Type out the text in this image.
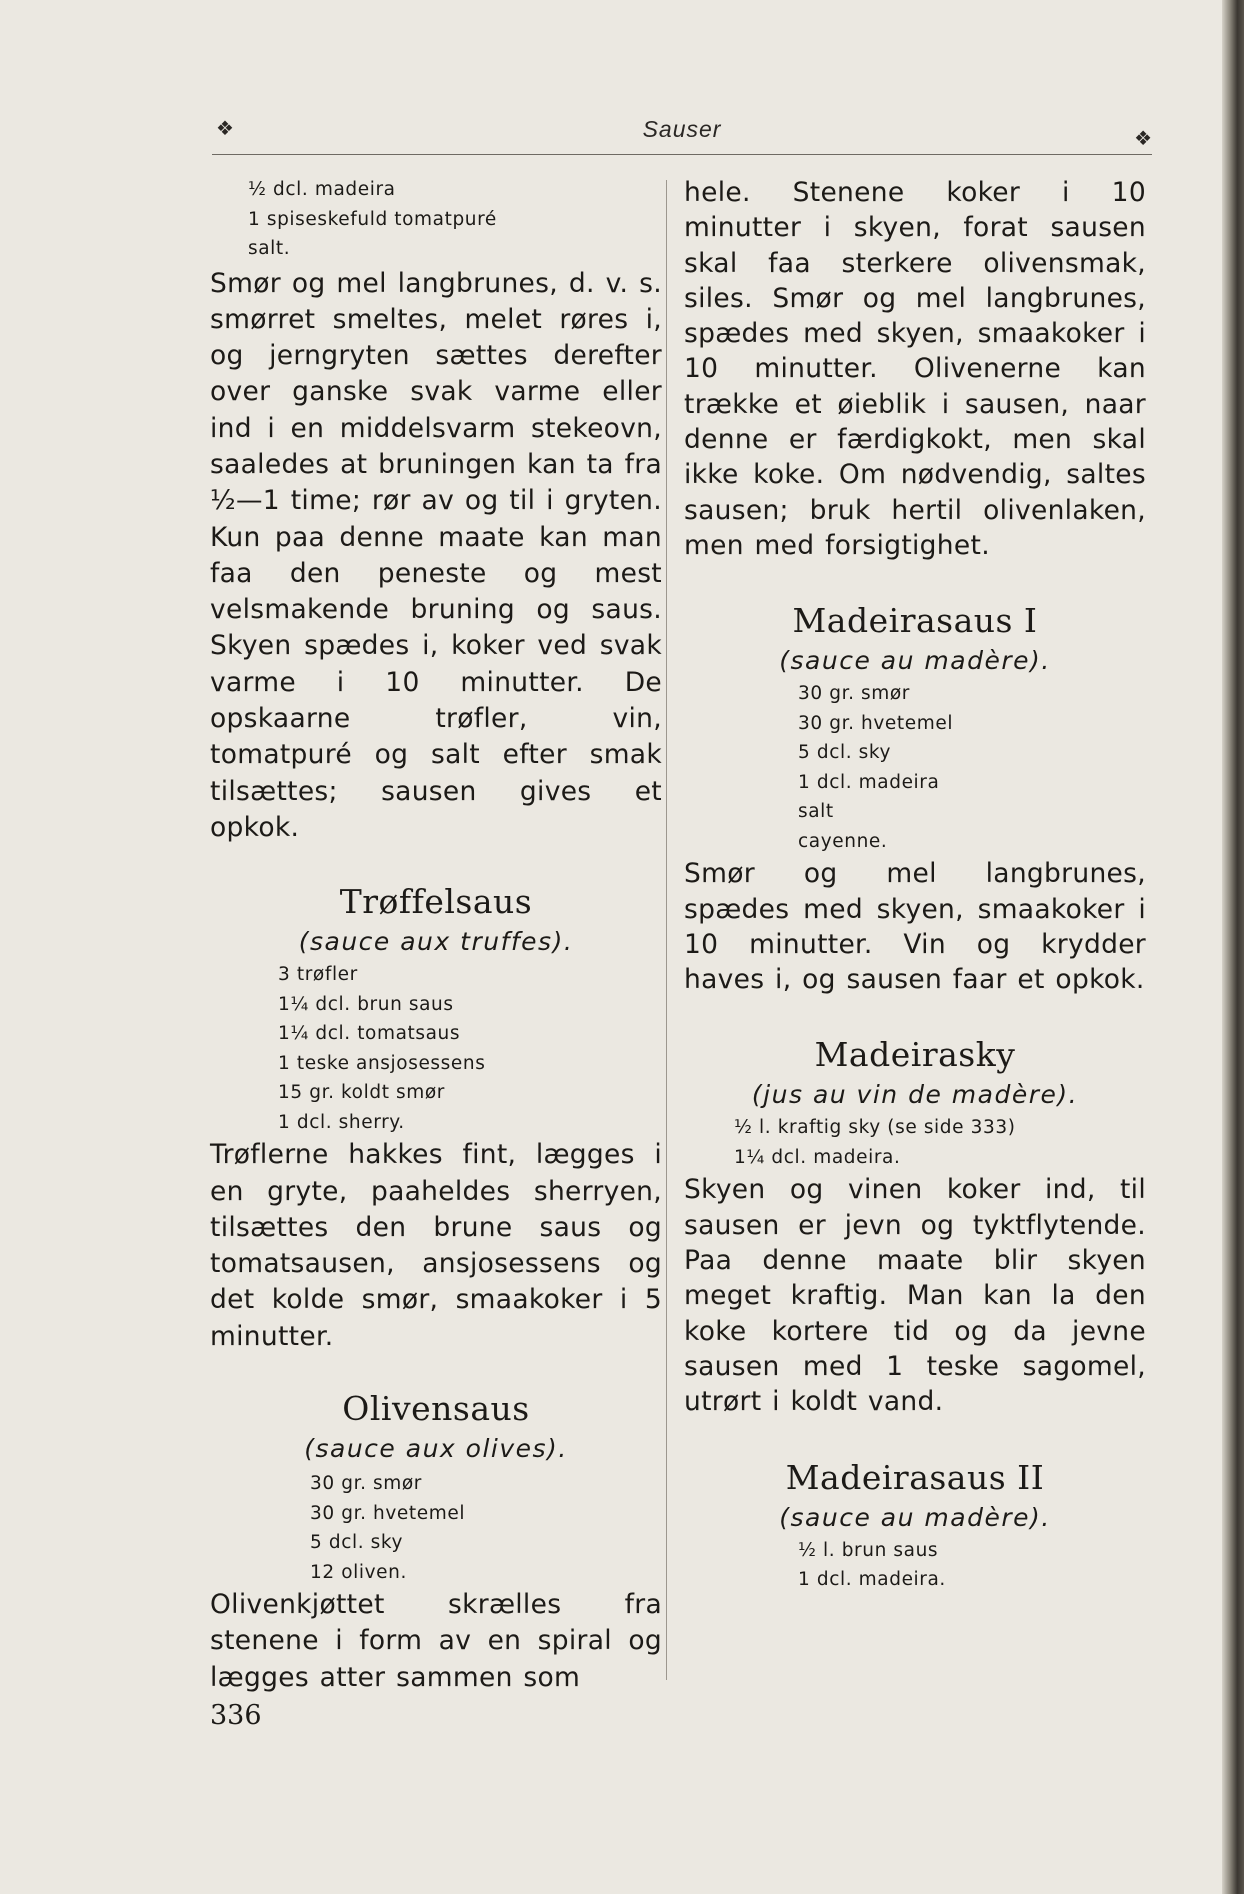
❖	Sauser	❖
½ dcl. madeira
1 spiseskefuld tomatpuré
salt.

Smør og mel langbrunes, d. v. s. smørret smeltes, melet røres i, og jerngryten sættes derefter over ganske svak varme eller ind i en middelsvarm stekeovn, saaledes at bruningen kan ta fra ½—1 time; rør av og til i gryten. Kun paa denne maate kan man faa den peneste og mest velsmakende bruning og saus. Skyen spædes i, koker ved svak varme i 10 minutter. De opskaarne trøfler, vin, tomatpuré og salt efter smak tilsættes; sausen gives et opkok.

Trøffelsaus
(sauce aux truffes).
3 trøfler
1¼ dcl. brun saus
1¼ dcl. tomatsaus
1 teske ansjosessens
15 gr. koldt smør
1 dcl. sherry.

Trøflerne hakkes fint, lægges i en gryte, paaheldes sherryen, tilsættes den brune saus og tomatsausen, ansjosessens og det kolde smør, smaakoker i 5 minutter.

Olivensaus
(sauce aux olives).
30 gr. smør
30 gr. hvetemel
5 dcl. sky
12 oliven.

Olivenkjøttet skrælles fra stenene i form av en spiral og lægges atter sammen som

hele. Stenene koker i 10 minutter i skyen, forat sausen skal faa sterkere olivensmak, siles. Smør og mel langbrunes, spædes med skyen, smaakoker i 10 minutter. Olivenerne kan trække et øieblik i sausen, naar denne er færdigkokt, men skal ikke koke. Om nødvendig, saltes sausen; bruk hertil olivenlaken, men med forsigtighet.

Madeirasaus I
(sauce au madère).
30 gr. smør
30 gr. hvetemel
5 dcl. sky
1 dcl. madeira
salt
cayenne.

Smør og mel langbrunes, spædes med skyen, smaakoker i 10 minutter. Vin og krydder haves i, og sausen faar et opkok.

Madeirasky
(jus au vin de madère).
½ l. kraftig sky (se side 333)
1¼ dcl. madeira.

Skyen og vinen koker ind, til sausen er jevn og tyktflytende. Paa denne maate blir skyen meget kraftig. Man kan la den koke kortere tid og da jevne sausen med 1 teske sagomel, utrørt i koldt vand.

Madeirasaus II
(sauce au madère).
½ l. brun saus
1 dcl. madeira.
336
